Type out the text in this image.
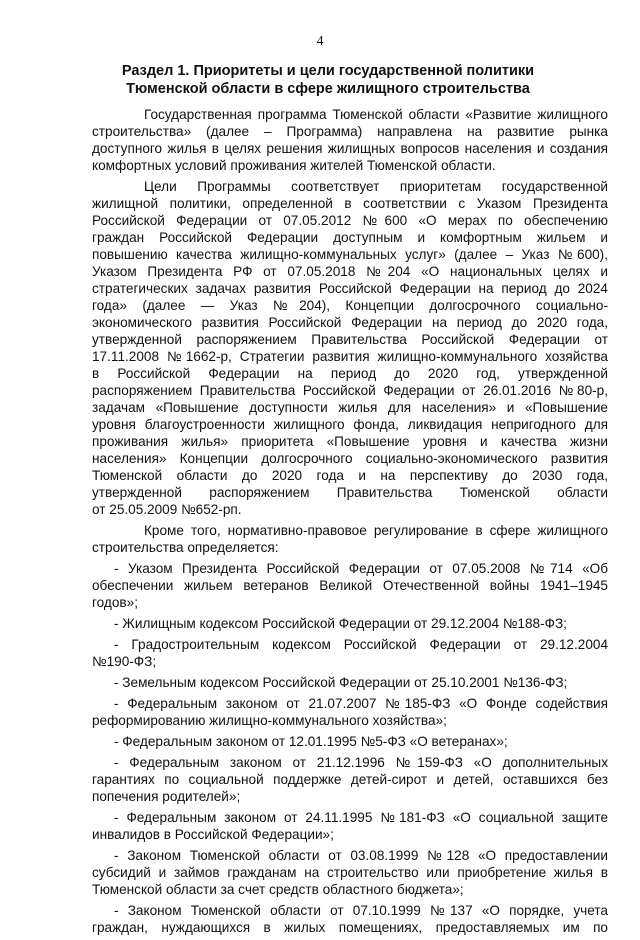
4
Раздел 1. Приоритеты и цели государственной политики
Тюменской области в сфере жилищного строительства
Государственная программа Тюменской области «Развитие жилищного
строительства» (далее – Программа) направлена на развитие рынка
доступного жилья в целях решения жилищных вопросов населения и создания
комфортных условий проживания жителей Тюменской области.
Цели Программы соответствует приоритетам государственной
жилищной политики, определенной в соответствии с Указом Президента
Российской Федерации от 07.05.2012 №600 «О мерах по обеспечению
граждан Российской Федерации доступным и комфортным жильем и
повышению качества жилищно-коммунальных услуг» (далее – Указ №600),
Указом Президента РФ от 07.05.2018 №204 «О национальных целях и
стратегических задачах развития Российской Федерации на период до 2024
года» (далее — Указ №204), Концепции долгосрочного социально-
экономического развития Российской Федерации на период до 2020 года,
утвержденной распоряжением Правительства Российской Федерации от
17.11.2008 №1662-р, Стратегии развития жилищно-коммунального хозяйства
в Российской Федерации на период до 2020 год, утвержденной
распоряжением Правительства Российской Федерации от 26.01.2016 №80-р,
задачам «Повышение доступности жилья для населения» и «Повышение
уровня благоустроенности жилищного фонда, ликвидация непригодного для
проживания жилья» приоритета «Повышение уровня и качества жизни
населения» Концепции долгосрочного социально-экономического развития
Тюменской области до 2020 года и на перспективу до 2030 года,
утвержденной распоряжением Правительства Тюменской области
от 25.05.2009 №652-рп.
Кроме того, нормативно-правовое регулирование в сфере жилищного
строительства определяется:
- Указом Президента Российской Федерации от 07.05.2008 №714 «Об
обеспечении жильем ветеранов Великой Отечественной войны 1941–1945
годов»;
- Жилищным кодексом Российской Федерации от 29.12.2004 №188-ФЗ;
- Градостроительным кодексом Российской Федерации от 29.12.2004
№190-ФЗ;
- Земельным кодексом Российской Федерации от 25.10.2001 №136-ФЗ;
- Федеральным законом от 21.07.2007 №185-ФЗ «О Фонде содействия
реформированию жилищно-коммунального хозяйства»;
- Федеральным законом от 12.01.1995 №5-ФЗ «О ветеранах»;
- Федеральным законом от 21.12.1996 №159-ФЗ «О дополнительных
гарантиях по социальной поддержке детей-сирот и детей, оставшихся без
попечения родителей»;
- Федеральным законом от 24.11.1995 №181-ФЗ «О социальной защите
инвалидов в Российской Федерации»;
- Законом Тюменской области от 03.08.1999 №128 «О предоставлении
субсидий и займов гражданам на строительство или приобретение жилья в
Тюменской области за счет средств областного бюджета»;
- Законом Тюменской области от 07.10.1999 №137 «О порядке, учета
граждан, нуждающихся в жилых помещениях, предоставляемых им по
